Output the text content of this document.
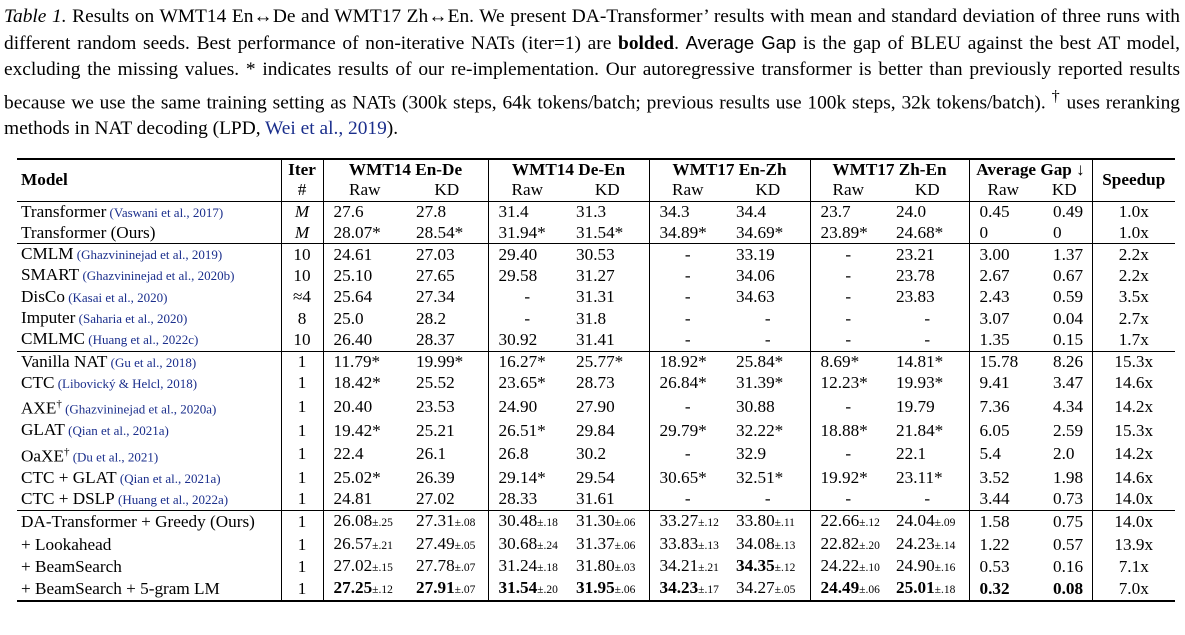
Table 1. Results on WMT14 En↔De and WMT17 Zh↔En. We present DA-Transformer’ results with mean and standard deviation of three runs with different random seeds. Best performance of non-iterative NATs (iter=1) are bolded. Average Gap is the gap of BLEU against the best AT model, excluding the missing values. * indicates results of our re-implementation. Our autoregressive transformer is better than previously reported results because we use the same training setting as NATs (300k steps, 64k tokens/batch; previous results use 100k steps, 32k tokens/batch). † uses reranking methods in NAT decoding (LPD, Wei et al., 2019).
Model	Iter	WMT14 En-De		WMT14 De-En		WMT17 En-Zh		WMT17 Zh-En		Average Gap ↓		Speedup
	#	Raw	KD	Raw	KD	Raw	KD	Raw	KD	Raw	KD	
Transformer (Vaswani et al., 2017)	M	27.6	27.8	31.4	31.3	34.3	34.4	23.7	24.0	0.45	0.49	1.0x
Transformer (Ours)	M	28.07*	28.54*	31.94*	31.54*	34.89*	34.69*	23.89*	24.68*	0	0	1.0x
CMLM (Ghazvininejad et al., 2019)	10	24.61	27.03	29.40	30.53	-	33.19	-	23.21	3.00	1.37	2.2x
SMART (Ghazvininejad et al., 2020b)	10	25.10	27.65	29.58	31.27	-	34.06	-	23.78	2.67	0.67	2.2x
DisCo (Kasai et al., 2020)	≈4	25.64	27.34	-	31.31	-	34.63	-	23.83	2.43	0.59	3.5x
Imputer (Saharia et al., 2020)	8	25.0	28.2	-	31.8	-	-	-	-	3.07	0.04	2.7x
CMLMC (Huang et al., 2022c)	10	26.40	28.37	30.92	31.41	-	-	-	-	1.35	0.15	1.7x
Vanilla NAT (Gu et al., 2018)	1	11.79*	19.99*	16.27*	25.77*	18.92*	25.84*	8.69*	14.81*	15.78	8.26	15.3x
CTC (Libovický & Helcl, 2018)	1	18.42*	25.52	23.65*	28.73	26.84*	31.39*	12.23*	19.93*	9.41	3.47	14.6x
AXE† (Ghazvininejad et al., 2020a)	1	20.40	23.53	24.90	27.90	-	30.88	-	19.79	7.36	4.34	14.2x
GLAT (Qian et al., 2021a)	1	19.42*	25.21	26.51*	29.84	29.79*	32.22*	18.88*	21.84*	6.05	2.59	15.3x
OaXE† (Du et al., 2021)	1	22.4	26.1	26.8	30.2	-	32.9	-	22.1	5.4	2.0	14.2x
CTC + GLAT (Qian et al., 2021a)	1	25.02*	26.39	29.14*	29.54	30.65*	32.51*	19.92*	23.11*	3.52	1.98	14.6x
CTC + DSLP (Huang et al., 2022a)	1	24.81	27.02	28.33	31.61	-	-	-	-	3.44	0.73	14.0x
DA-Transformer + Greedy (Ours)	1	26.08±.25	27.31±.08	30.48±.18	31.30±.06	33.27±.12	33.80±.11	22.66±.12	24.04±.09	1.58	0.75	14.0x
+ Lookahead	1	26.57±.21	27.49±.05	30.68±.24	31.37±.06	33.83±.13	34.08±.13	22.82±.20	24.23±.14	1.22	0.57	13.9x
+ BeamSearch	1	27.02±.15	27.78±.07	31.24±.18	31.80±.03	34.21±.21	34.35±.12	24.22±.10	24.90±.16	0.53	0.16	7.1x
+ BeamSearch + 5-gram LM	1	27.25±.12	27.91±.07	31.54±.20	31.95±.06	34.23±.17	34.27±.05	24.49±.06	25.01±.18	0.32	0.08	7.0x
